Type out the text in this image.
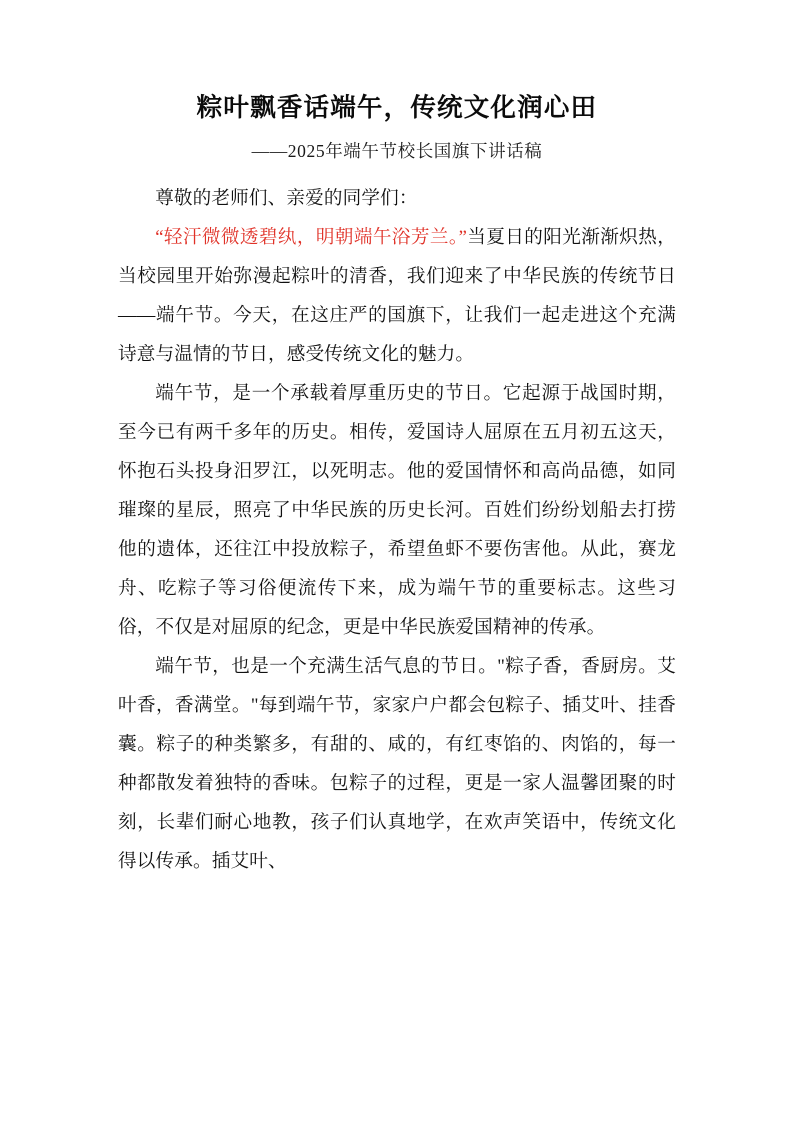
粽叶飘香话端午，传统文化润心田
——2025年端午节校长国旗下讲话稿

尊敬的老师们、亲爱的同学们：

“轻汗微微透碧纨，明朝端午浴芳兰。”当夏日的阳光渐渐炽热，当校园里开始弥漫起粽叶的清香，我们迎来了中华民族的传统节日——端午节。今天，在这庄严的国旗下，让我们一起走进这个充满诗意与温情的节日，感受传统文化的魅力。

端午节，是一个承载着厚重历史的节日。它起源于战国时期，至今已有两千多年的历史。相传，爱国诗人屈原在五月初五这天，怀抱石头投身汨罗江，以死明志。他的爱国情怀和高尚品德，如同璀璨的星辰，照亮了中华民族的历史长河。百姓们纷纷划船去打捞他的遗体，还往江中投放粽子，希望鱼虾不要伤害他。从此，赛龙舟、吃粽子等习俗便流传下来，成为端午节的重要标志。这些习俗，不仅是对屈原的纪念，更是中华民族爱国精神的传承。

端午节，也是一个充满生活气息的节日。"粽子香，香厨房。艾叶香，香满堂。"每到端午节，家家户户都会包粽子、插艾叶、挂香囊。粽子的种类繁多，有甜的、咸的，有红枣馅的、肉馅的，每一种都散发着独特的香味。包粽子的过程，更是一家人温馨团聚的时刻，长辈们耐心地教，孩子们认真地学，在欢声笑语中，传统文化得以传承。插艾叶、
